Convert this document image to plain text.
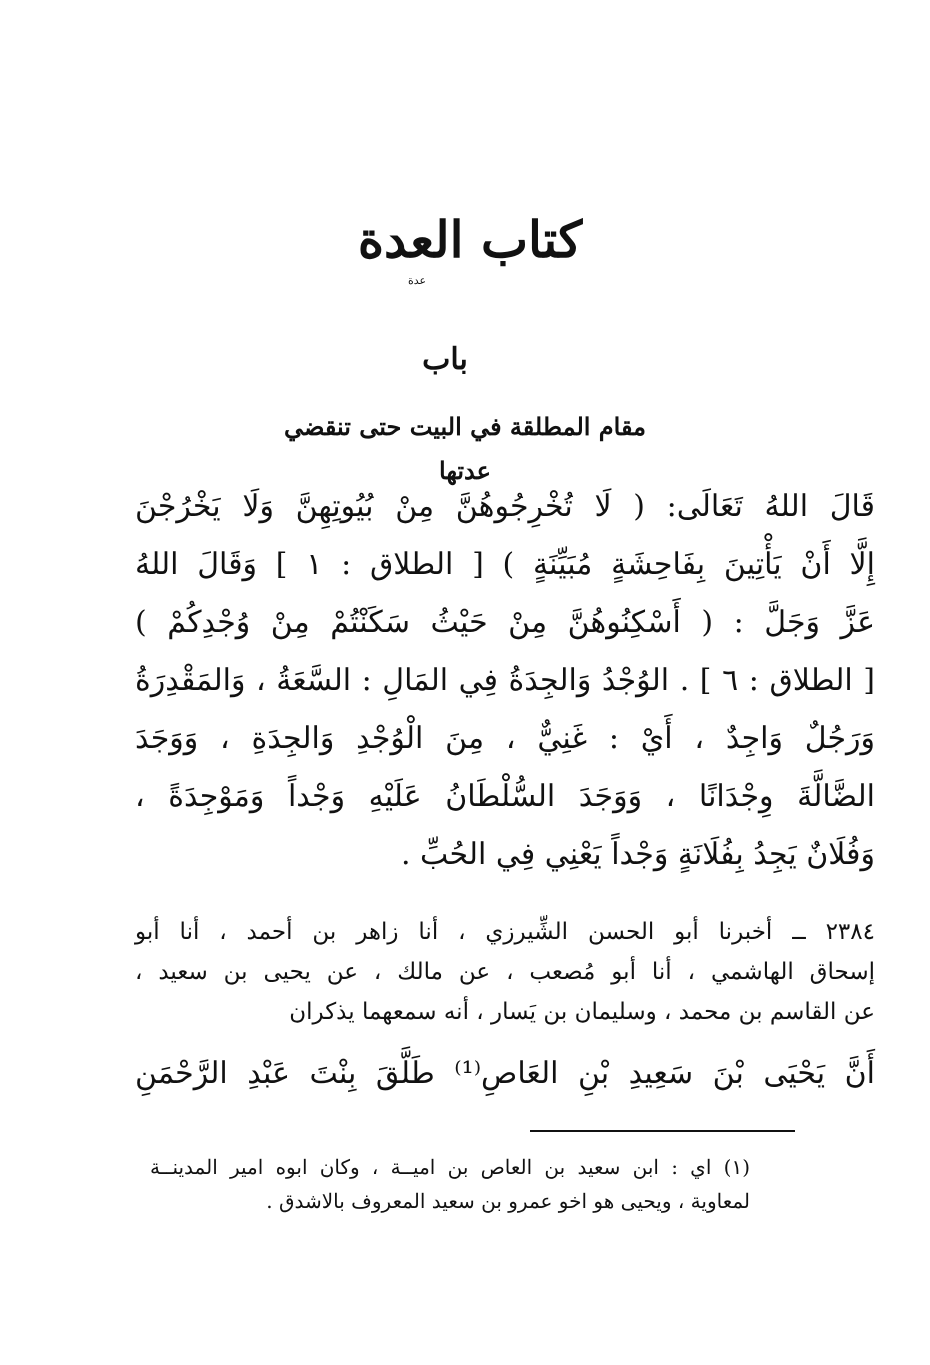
كتاب العدة
عدة
باب
مقام المطلقة في البيت حتى تنقضي عدتها
قَالَ اللهُ تَعَالَى: ( لَا تُخْرِجُوهُنَّ مِنْ بُيُوتِهِنَّ وَلَا يَخْرُجْنَ
إِلَّا أَنْ يَأْتِينَ بِفَاحِشَةٍ مُبَيِّنَةٍ ) [ الطلاق : ١ ] وَقَالَ اللهُ
عَزَّ وَجَلَّ : ( أَسْكِنُوهُنَّ مِنْ حَيْثُ سَكَنْتُمْ مِنْ وُجْدِكُمْ )
[ الطلاق : ٦ ] . الوُجْدُ وَالجِدَةُ فِي المَالِ : السَّعَةُ ، وَالمَقْدِرَةُ
وَرَجُلٌ وَاجِدٌ ، أَيْ : غَنِيٌّ ، مِنَ الْوُجْدِ وَالجِدَةِ ، وَوَجَدَ
الضَّالَّةَ وِجْدَانًا ، وَوَجَدَ السُّلْطَانُ عَلَيْهِ وَجْداً وَمَوْجِدَةً ،
وَفُلَانٌ يَجِدُ بِفُلَانَةٍ وَجْداً يَعْنِي فِي الحُبِّ .
٢٣٨٤ ــ أخبرنا أبو الحسن الشِّيرزي ، أنا زاهر بن أحمد ، أنا أبو
إسحاق الهاشمي ، أنا أبو مُصعب ، عن مالك ، عن يحيى بن سعيد ،
عن القاسم بن محمد ، وسليمان بن يَسار ، أنه سمعهما يذكران
أَنَّ يَحْيَى بْنَ سَعِيدِ بْنِ العَاصِ⁽¹⁾ طَلَّقَ بِنْتَ عَبْدِ الرَّحْمَنِ
(١) اي : ابن سعيد بن العاص بن اميــة ، وكان ابوه امير المدينــة
لمعاوية ، ويحيى هو اخو عمرو بن سعيد المعروف بالاشدق .
